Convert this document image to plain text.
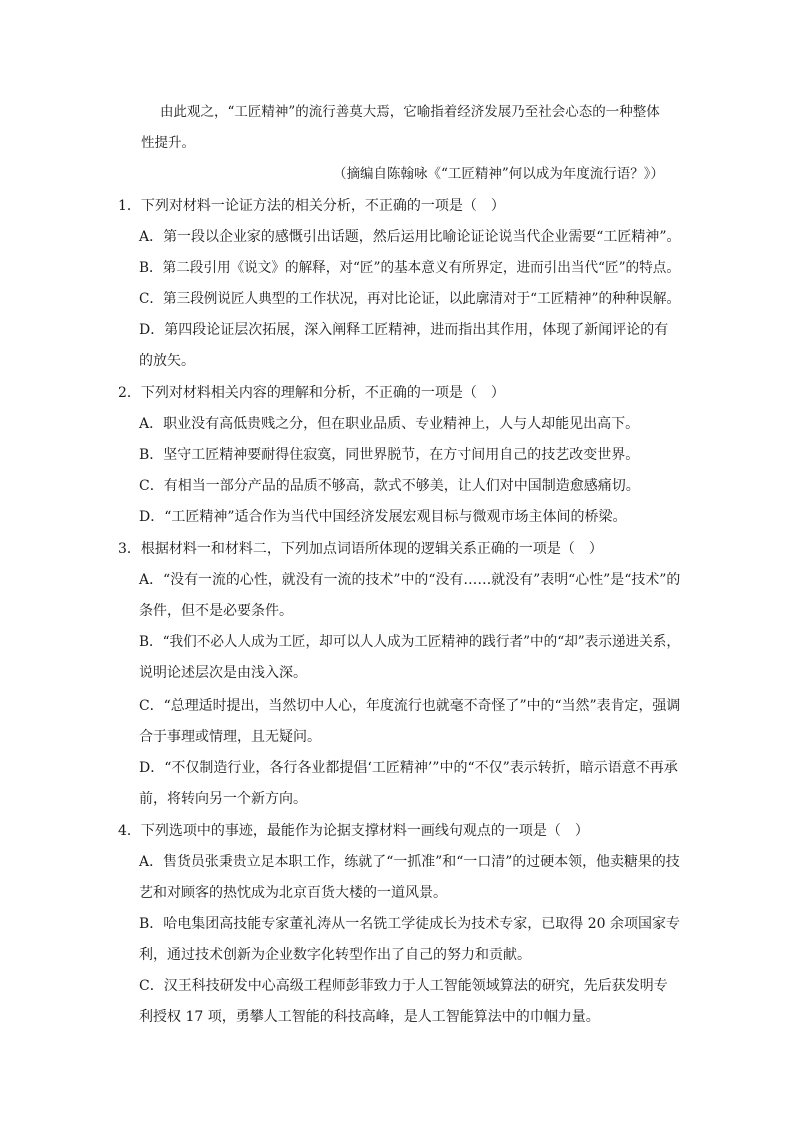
由此观之，“工匠精神”的流行善莫大焉，它喻指着经济发展乃至社会心态的一种整体
性提升。
（摘编自陈翰咏《“工匠精神”何以成为年度流行语？》）
1．下列对材料一论证方法的相关分析，不正确的一项是（　）
A．第一段以企业家的感慨引出话题，然后运用比喻论证论说当代企业需要“工匠精神”。
B．第二段引用《说文》的解释，对“匠”的基本意义有所界定，进而引出当代“匠”的特点。
C．第三段例说匠人典型的工作状况，再对比论证，以此廓清对于“工匠精神”的种种误解。
D．第四段论证层次拓展，深入阐释工匠精神，进而指出其作用，体现了新闻评论的有
的放矢。
2．下列对材料相关内容的理解和分析，不正确的一项是（　）
A．职业没有高低贵贱之分，但在职业品质、专业精神上，人与人却能见出高下。
B．坚守工匠精神要耐得住寂寞，同世界脱节，在方寸间用自己的技艺改变世界。
C．有相当一部分产品的品质不够高，款式不够美，让人们对中国制造愈感痛切。
D．“工匠精神”适合作为当代中国经济发展宏观目标与微观市场主体间的桥梁。
3．根据材料一和材料二，下列加点词语所体现的逻辑关系正确的一项是（　）
A．“没有一流的心性，就没有一流的技术”中的“没有……就没有”表明“心性”是“技术”的
条件，但不是必要条件。
B．“我们不必人人成为工匠，却可以人人成为工匠精神的践行者”中的“却”表示递进关系，
说明论述层次是由浅入深。
C．“总理适时提出，当然切中人心，年度流行也就毫不奇怪了”中的“当然”表肯定，强调
合于事理或情理，且无疑问。
D．“不仅制造行业，各行各业都提倡‘工匠精神’”中的“不仅”表示转折，暗示语意不再承
前，将转向另一个新方向。
4．下列选项中的事迹，最能作为论据支撑材料一画线句观点的一项是（　）
A．售货员张秉贵立足本职工作，练就了“一抓准”和“一口清”的过硬本领，他卖糖果的技
艺和对顾客的热忱成为北京百货大楼的一道风景。
B．哈电集团高技能专家董礼涛从一名铣工学徒成长为技术专家，已取得 20 余项国家专
利，通过技术创新为企业数字化转型作出了自己的努力和贡献。
C．汉王科技研发中心高级工程师彭菲致力于人工智能领域算法的研究，先后获发明专
利授权 17 项，勇攀人工智能的科技高峰，是人工智能算法中的巾帼力量。
